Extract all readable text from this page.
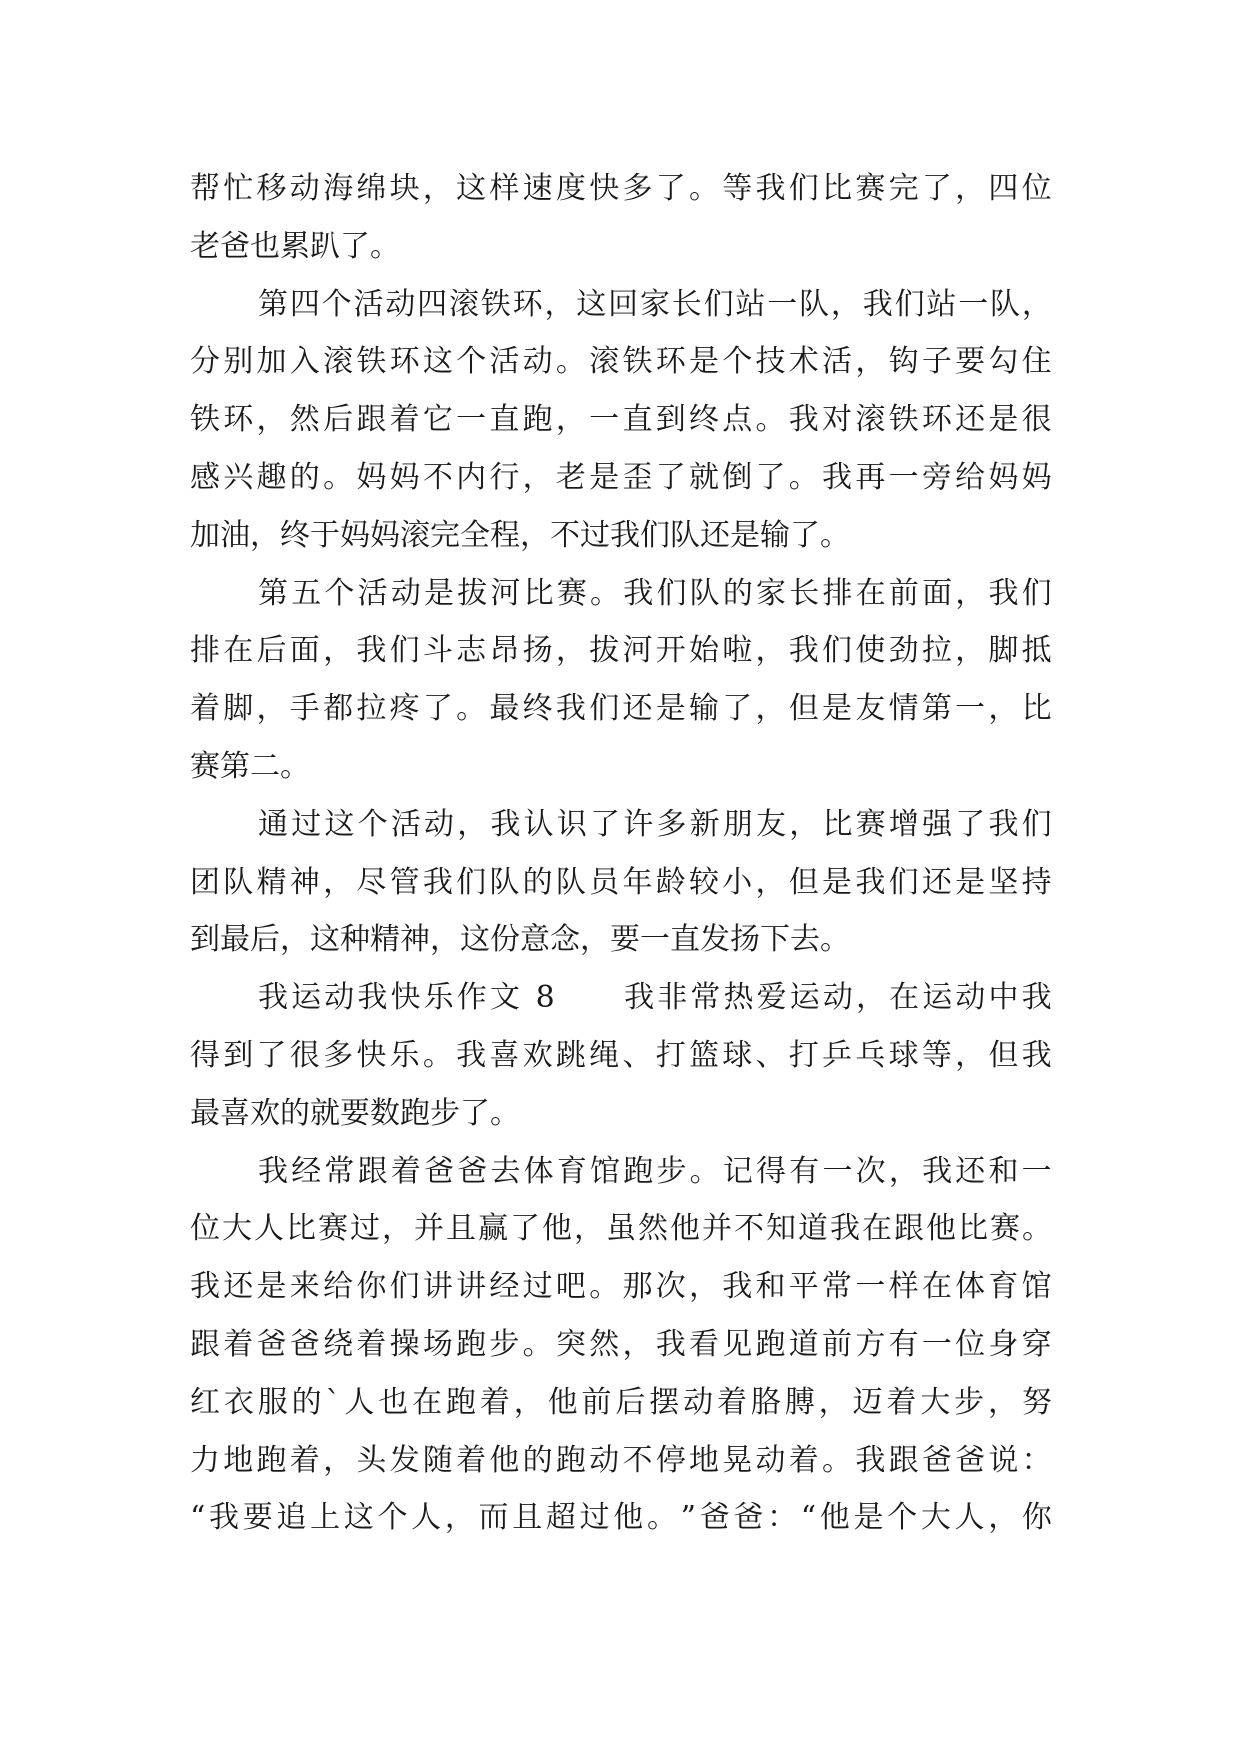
帮 忙 移 动 海 绵 块 ， 这 样 速 度 快 多 了 。 等 我 们 比 赛 完 了 ， 四 位
老爸也累趴了。
第 四 个 活 动 四 滚 铁 环 ， 这 回 家 长 们 站 一 队 ， 我 们 站 一 队 ，
分 别 加 入 滚 铁 环 这 个 活 动 。 滚 铁 环 是 个 技 术 活 ， 钩 子 要 勾 住
铁 环 ， 然 后 跟 着 它 一 直 跑 ， 一 直 到 终 点 。 我 对 滚 铁 环 还 是 很
感 兴 趣 的 。 妈 妈 不 内 行 ， 老 是 歪 了 就 倒 了 。 我 再 一 旁 给 妈 妈
加油，终于妈妈滚完全程，不过我们队还是输了。
第 五 个 活 动 是 拔 河 比 赛 。 我 们 队 的 家 长 排 在 前 面 ， 我 们
排 在 后 面 ， 我 们 斗 志 昂 扬 ， 拔 河 开 始 啦 ， 我 们 使 劲 拉 ， 脚 抵
着 脚 ， 手 都 拉 疼 了 。 最 终 我 们 还 是 输 了 ， 但 是 友 情 第 一 ， 比
赛第二。
通 过 这 个 活 动 ， 我 认 识 了 许 多 新 朋 友 ， 比 赛 增 强 了 我 们
团 队 精 神 ， 尽 管 我 们 队 的 队 员 年 龄 较 小 ， 但 是 我 们 还 是 坚 持
到最后，这种精神，这份意念，要一直发扬下去。
我 运 动 我 快 乐 作 文
8

　 我 非 常 热 爱 运 动 ， 在 运 动 中 我
得 到 了 很 多 快 乐 。 我 喜 欢 跳 绳 、 打 篮 球 、 打 乒 乓 球 等 ， 但 我
最喜欢的就要数跑步了。
我 经 常 跟 着 爸 爸 去 体 育 馆 跑 步 。 记 得 有 一 次 ， 我 还 和 一
位 大 人 比 赛 过 ， 并 且 赢 了 他 ， 虽 然 他 并 不 知 道 我 在 跟 他 比 赛 。
我 还 是 来 给 你 们 讲 讲 经 过 吧 。 那 次 ， 我 和 平 常 一 样 在 体 育 馆
跟 着 爸 爸 绕 着 操 场 跑 步 。 突 然 ， 我 看 见 跑 道 前 方 有 一 位 身 穿
红 衣 服 的 ` 人 也 在 跑 着 ， 他 前 后 摆 动 着 胳 膊 ， 迈 着 大 步 ， 努
力 地 跑 着 ， 头 发 随 着 他 的 跑 动 不 停 地 晃 动 着 。 我 跟 爸 爸 说 ：
“ 我 要 追 上 这 个 人 ， 而 且 超 过 他 。 ” 爸 爸 ： “ 他 是 个 大 人 ， 你
